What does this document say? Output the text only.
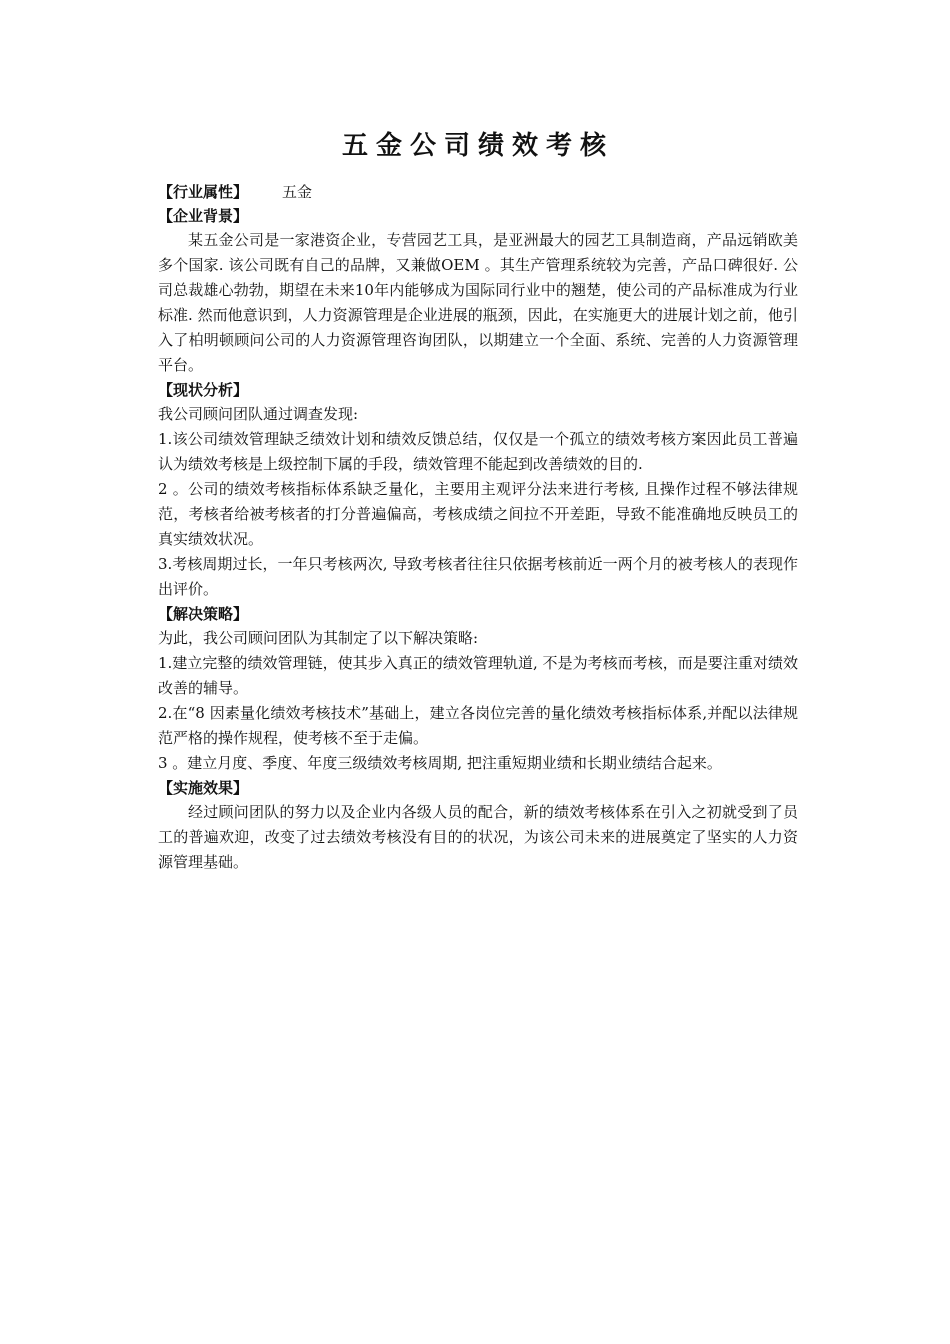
五金公司绩效考核
【行业属性】 五金
【企业背景】
某五金公司是一家港资企业，专营园艺工具，是亚洲最大的园艺工具制造商，产品远销欧美多个国家. 该公司既有自己的品牌，又兼做OEM 。其生产管理系统较为完善，产品口碑很好. 公司总裁雄心勃勃，期望在未来10年内能够成为国际同行业中的翘楚，使公司的产品标准成为行业标准. 然而他意识到，人力资源管理是企业进展的瓶颈，因此，在实施更大的进展计划之前，他引入了柏明顿顾问公司的人力资源管理咨询团队，以期建立一个全面、系统、完善的人力资源管理平台。
【现状分析】
我公司顾问团队通过调查发现:
1.该公司绩效管理缺乏绩效计划和绩效反馈总结，仅仅是一个孤立的绩效考核方案因此员工普遍认为绩效考核是上级控制下属的手段，绩效管理不能起到改善绩效的目的.
2 。公司的绩效考核指标体系缺乏量化，主要用主观评分法来进行考核, 且操作过程不够法律规范，考核者给被考核者的打分普遍偏高，考核成绩之间拉不开差距，导致不能准确地反映员工的真实绩效状况。
3.考核周期过长，一年只考核两次, 导致考核者往往只依据考核前近一两个月的被考核人的表现作出评价。
【解决策略】
为此，我公司顾问团队为其制定了以下解决策略:
1.建立完整的绩效管理链，使其步入真正的绩效管理轨道, 不是为考核而考核，而是要注重对绩效改善的辅导。
2.在“8 因素量化绩效考核技术”基础上，建立各岗位完善的量化绩效考核指标体系,并配以法律规范严格的操作规程，使考核不至于走偏。
3 。建立月度、季度、年度三级绩效考核周期, 把注重短期业绩和长期业绩结合起来。
【实施效果】
经过顾问团队的努力以及企业内各级人员的配合，新的绩效考核体系在引入之初就受到了员工的普遍欢迎，改变了过去绩效考核没有目的的状况，为该公司未来的进展奠定了坚实的人力资源管理基础。
